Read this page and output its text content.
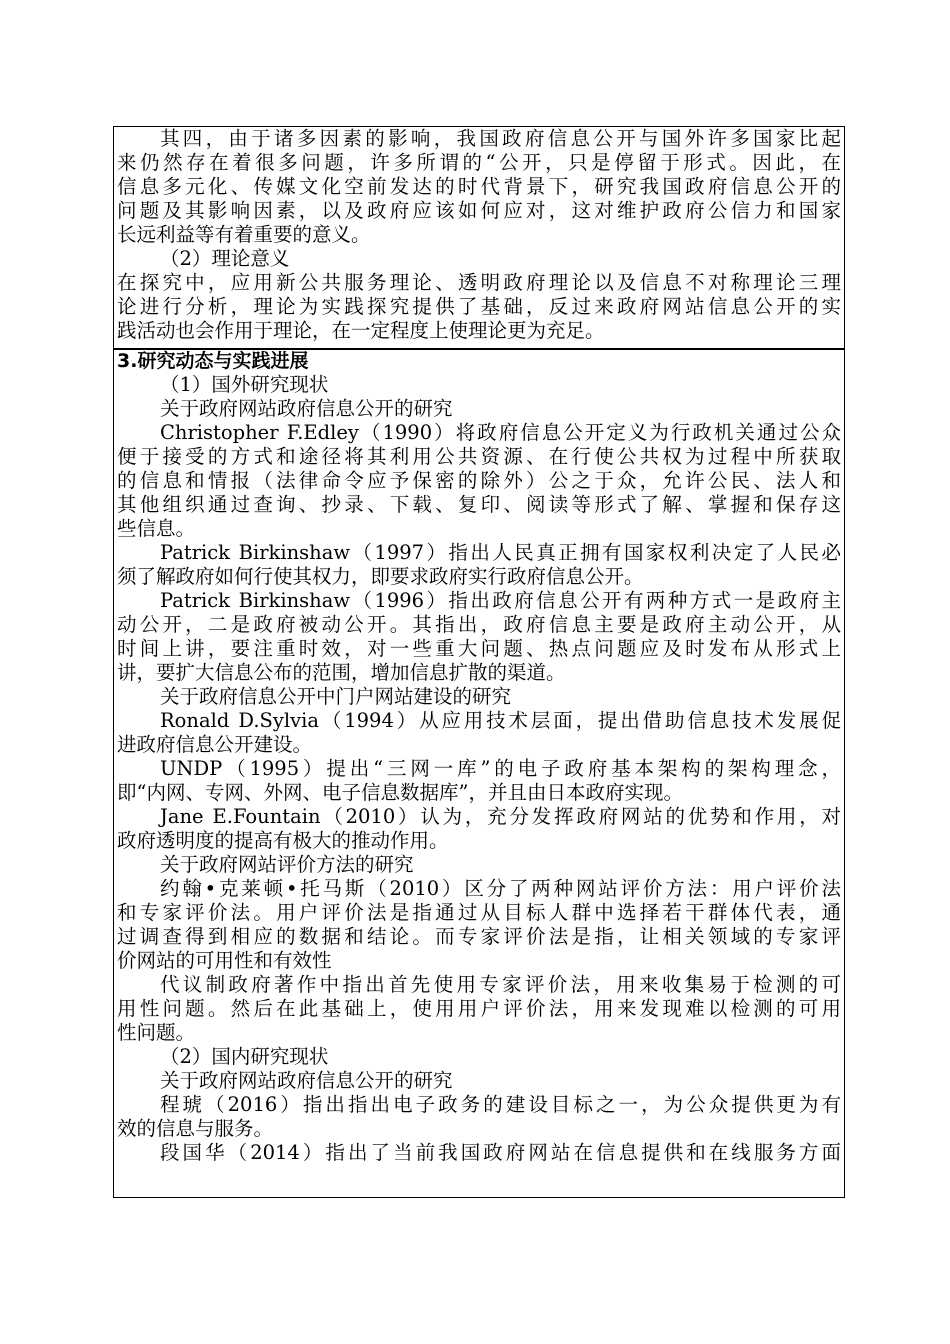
其四，由于诸多因素的影响，我国政府信息公开与国外许多国家比起
来仍然存在着很多问题，许多所谓的“公开，只是停留于形式。因此，在
信息多元化、传媒文化空前发达的时代背景下，研究我国政府信息公开的
问题及其影响因素，以及政府应该如何应对，这对维护政府公信力和国家
长远利益等有着重要的意义。
（2）理论意义
在探究中，应用新公共服务理论、透明政府理论以及信息不对称理论三理
论进行分析，理论为实践探究提供了基础，反过来政府网站信息公开的实
践活动也会作用于理论，在一定程度上使理论更为充足。
3.研究动态与实践进展
（1）国外研究现状
关于政府网站政府信息公开的研究
Christopher F.Edley（1990）将政府信息公开定义为行政机关通过公众
便于接受的方式和途径将其利用公共资源、在行使公共权为过程中所获取
的信息和情报（法律命令应予保密的除外）公之于众，允许公民、法人和
其他组织通过查询、抄录、下载、复印、阅读等形式了解、掌握和保存这
些信息。
Patrick Birkinshaw（1997）指出人民真正拥有国家权利决定了人民必
须了解政府如何行使其权力，即要求政府实行政府信息公开。
Patrick Birkinshaw（1996）指出政府信息公开有两种方式一是政府主
动公开，二是政府被动公开。其指出，政府信息主要是政府主动公开，从
时间上讲，要注重时效，对一些重大问题、热点问题应及时发布从形式上
讲，要扩大信息公布的范围，增加信息扩散的渠道。
关于政府信息公开中门户网站建设的研究
Ronald D.Sylvia（1994）从应用技术层面，提出借助信息技术发展促
进政府信息公开建设。
UNDP（1995）提出“三网一库”的电子政府基本架构的架构理念，
即“内网、专网、外网、电子信息数据库”，并且由日本政府实现。
Jane E.Fountain（2010）认为，充分发挥政府网站的优势和作用，对
政府透明度的提高有极大的推动作用。
关于政府网站评价方法的研究
约翰•克莱顿•托马斯（2010）区分了两种网站评价方法：用户评价法
和专家评价法。用户评价法是指通过从目标人群中选择若干群体代表，通
过调查得到相应的数据和结论。而专家评价法是指，让相关领域的专家评
价网站的可用性和有效性
代议制政府著作中指出首先使用专家评价法，用来收集易于检测的可
用性问题。然后在此基础上，使用用户评价法，用来发现难以检测的可用
性问题。
（2）国内研究现状
关于政府网站政府信息公开的研究
程琥（2016）指出指出电子政务的建设目标之一，为公众提供更为有
效的信息与服务。
段国华（2014）指出了当前我国政府网站在信息提供和在线服务方面
